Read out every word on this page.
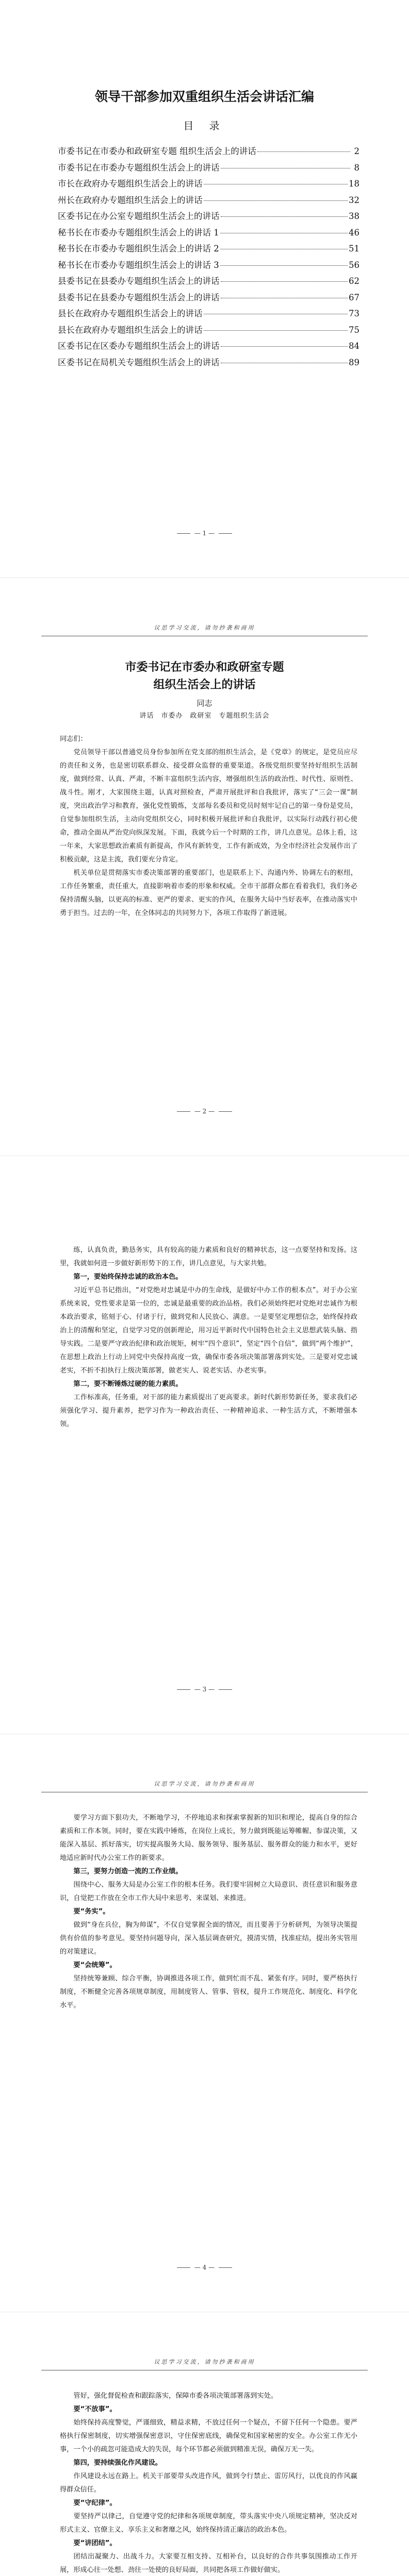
领导干部参加双重组织生活会讲话汇编
目 录
市委书记在市委办和政研室专题 组织生活会上的讲话	2
市委书记在市委办专题组织生活会上的讲话	8
市长在政府办专题组织生活会上的讲话	18
州长在政府办专题组织生活会上的讲话	32
区委书记在办公室专题组织生活会上的讲话	38
秘书长在市委办专题组织生活会上的讲话 1	46
秘书长在市委办专题组织生活会上的讲话 2	51
秘书长在市委办专题组织生活会上的讲话 3	56
县委书记在县委办专题组织生活会上的讲话	62
县委书记在县委办专题组织生活会上的讲话	67
县长在政府办专题组织生活会上的讲话	73
县长在政府办专题组织生活会上的讲话	75
区委书记在区委办专题组织生活会上的讲话	84
区委书记在局机关专题组织生活会上的讲话	89
— 1 —
议思学习交流，请勿抄袭和商用
市委书记在市委办和政研室专题
组织生活会上的讲话
同志
讲话　市委办　政研室　专题组织生活会

同志们：

党员领导干部以普通党员身份参加所在党支部的组织生活会，是《党章》的规定，是党员应尽的责任和义务，也是密切联系群众、接受群众监督的重要渠道。各级党组织要坚持好组织生活制度，做到经常、认真、严肃，不断丰富组织生活内容，增强组织生活的政治性、时代性、原则性、战斗性。刚才，大家围绕主题，认真对照检查，严肃开展批评和自我批评，落实了“三会一课”制度，突出政治学习和教育，强化党性锻炼，支部每名委员和党员时刻牢记自己的第一身份是党员，自觉参加组织生活，主动向党组织交心，同时积极开展批评和自我批评，以实际行动践行初心使命，推动全面从严治党向纵深发展。下面，我就今后一个时期的工作，讲几点意见。总体上看，这一年来，大家思想政治素质有新提高，作风有新转变，工作有新成效，为全市经济社会发展作出了积极贡献，这是主流，我们要充分肯定。

机关单位是贯彻落实市委决策部署的重要部门，也是联系上下、沟通内外、协调左右的枢纽，工作任务繁重，责任重大，直接影响着市委的形象和权威。全市干部群众都在看着我们，我们务必保持清醒头脑，以更高的标准、更严的要求、更实的作风，在服务大局中当好表率，在推动落实中勇于担当。过去的一年，在全体同志的共同努力下，各项工作取得了新进展。

— 2 —

练，认真负责，勤恳务实，具有较高的能力素质和良好的精神状态，这一点要坚持和发扬。这里，我就如何进一步做好新形势下的工作，讲几点意见，与大家共勉。

第一，要始终保持忠诚的政治本色。

习近平总书记指出，“对党绝对忠诚是中办的生命线，是做好中办工作的根本点”。对于办公室系统来说，党性要求是第一位的，忠诚是最重要的政治品格。我们必须始终把对党绝对忠诚作为根本政治要求，铭刻于心、付诸于行，做到党和人民放心、满意。一是要坚定理想信念，始终保持政治上的清醒和坚定，自觉学习党的创新理论，用习近平新时代中国特色社会主义思想武装头脑、指导实践。二是要严守政治纪律和政治规矩，树牢“四个意识”，坚定“四个自信”，做到“两个维护”，在思想上政治上行动上同党中央保持高度一致，确保市委各项决策部署落到实处。三是要对党忠诚老实，不折不扣执行上级决策部署，做老实人、说老实话、办老实事。

第二，要不断锤炼过硬的能力素质。

工作标准高，任务重，对干部的能力素质提出了更高要求。新时代新形势新任务，要求我们必须强化学习、提升素养，把学习作为一种政治责任、一种精神追求、一种生活方式，不断增强本领。

— 3 —
议思学习交流，请勿抄袭和商用

要学习方面下狠功夫，不断地学习，不停地追求和探索掌握新的知识和理论，提高自身的综合素质和工作本领。同时，要在实践中锤炼，在岗位上成长，努力做到既能运筹帷幄、参谋决策，又能深入基层、抓好落实，切实提高服务大局、服务领导、服务基层、服务群众的能力和水平，更好地适应新时代办公室工作的新要求。

第三，要努力创造一流的工作业绩。

围绕中心、服务大局是办公室工作的根本任务。我们要牢固树立大局意识、责任意识和服务意识，自觉把工作放在全市工作大局中来思考、来谋划、来推进。

要“务实”。

做到“身在兵位，胸为帅谋”，不仅自觉掌握全面的情况，而且要善于分析研判，为领导决策提供有价值的参考意见。要坚持问题导向，深入基层调查研究，摸清实情，找准症结，提出务实管用的对策建议。

要“会统筹”。

坚持统筹兼顾、综合平衡，协调推进各项工作，做到忙而不乱、紧张有序。同时，要严格执行制度，不断健全完善各项规章制度，用制度管人、管事、管权，提升工作规范化、制度化、科学化水平。

— 4 —
议思学习交流，请勿抄袭和商用

管好，强化督促检查和跟踪落实，保障市委各项决策部署落到实处。

要“不放事”。

始终保持高度警觉，严谨细致，精益求精，不放过任何一个疑点，不留下任何一个隐患。要严格执行保密制度，切实增强保密意识，守住保密底线，确保党和国家秘密的安全。办公室工作无小事，一个小的疏忽可能造成大的失误，每个环节都必须做到精准无误，确保万无一失。

第四，要持续强化作风建设。

作风建设永远在路上。机关干部要带头改进作风，做到令行禁止、雷厉风行，以优良的作风赢得群众信任。

要“守纪律”。

要坚持严以律己，自觉遵守党的纪律和各项规章制度，带头落实中央八项规定精神，坚决反对形式主义、官僚主义、享乐主义和奢靡之风，始终保持清正廉洁的政治本色。

要“讲团结”。

团结出凝聚力、出战斗力。大家要互相支持、互相补台，以良好的合作共事氛围推动工作开展，形成心往一处想、劲往一处使的良好局面，共同把各项工作做好做实。
